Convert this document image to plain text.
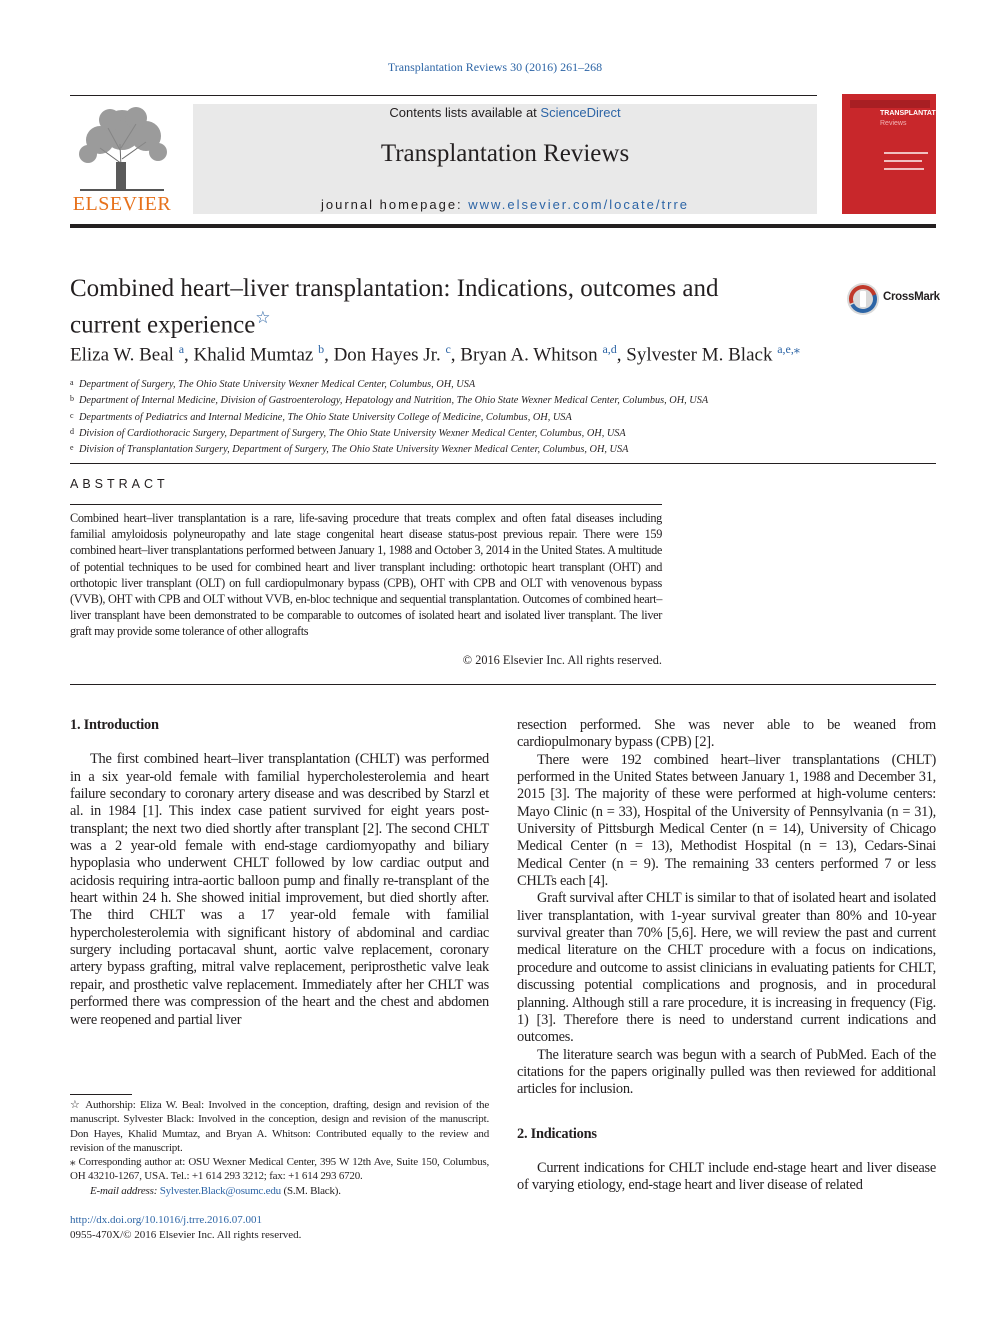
Transplantation Reviews 30 (2016) 261–268
ELSEVIER
Contents lists available at ScienceDirect
Transplantation Reviews
journal homepage: www.elsevier.com/locate/trre
TRANSPLANTATION
Reviews
Combined heart–liver transplantation: Indications, outcomes and current experience☆
CrossMark
Eliza W. Beal $^a$, Khalid Mumtaz $^b$, Don Hayes Jr. $^c$, Bryan A. Whitson $^{a,d}$, Sylvester M. Black $^{a,e,⁎}$
a Department of Surgery, The Ohio State University Wexner Medical Center, Columbus, OH, USA
b Department of Internal Medicine, Division of Gastroenterology, Hepatology and Nutrition, The Ohio State Wexner Medical Center, Columbus, OH, USA
c Departments of Pediatrics and Internal Medicine, The Ohio State University College of Medicine, Columbus, OH, USA
d Division of Cardiothoracic Surgery, Department of Surgery, The Ohio State University Wexner Medical Center, Columbus, OH, USA
e Division of Transplantation Surgery, Department of Surgery, The Ohio State University Wexner Medical Center, Columbus, OH, USA
ABSTRACT
Combined heart–liver transplantation is a rare, life-saving procedure that treats complex and often fatal diseases including familial amyloidosis polyneuropathy and late stage congenital heart disease status-post previous repair. There were 159 combined heart–liver transplantations performed between January 1, 1988 and October 3, 2014 in the United States. A multitude of potential techniques to be used for combined heart and liver transplant including: orthotopic heart transplant (OHT) and orthotopic liver transplant (OLT) on full cardiopulmonary bypass (CPB), OHT with CPB and OLT with venovenous bypass (VVB), OHT with CPB and OLT without VVB, en-bloc technique and sequential transplantation. Outcomes of combined heart–liver transplant have been demonstrated to be comparable to outcomes of isolated heart and isolated liver transplant. The liver graft may provide some tolerance of other allografts
© 2016 Elsevier Inc. All rights reserved.
1. Introduction

The first combined heart–liver transplantation (CHLT) was performed in a six year-old female with familial hypercholesterolemia and heart failure secondary to coronary artery disease and was described by Starzl et al. in 1984 [1]. This index case patient survived for eight years post-transplant; the next two died shortly after transplant [2]. The second CHLT was a 2 year-old female with end-stage cardiomyopathy and biliary hypoplasia who underwent CHLT followed by low cardiac output and acidosis requiring intra-aortic balloon pump and finally re-transplant of the heart within 24 h. She showed initial improvement, but died shortly after. The third CHLT was a 17 year-old female with familial hypercholesterolemia with significant history of abdominal and cardiac surgery including portacaval shunt, aortic valve replacement, coronary artery bypass grafting, mitral valve replacement, periprosthetic valve leak repair, and prosthetic valve replacement. Immediately after her CHLT was performed there was compression of the heart and the chest and abdomen were reopened and partial liver

resection performed. She was never able to be weaned from cardiopulmonary bypass (CPB) [2].

There were 192 combined heart–liver transplantations (CHLT) performed in the United States between January 1, 1988 and December 31, 2015 [3]. The majority of these were performed at high-volume centers: Mayo Clinic (n = 33), Hospital of the University of Pennsylvania (n = 31), University of Pittsburgh Medical Center (n = 14), University of Chicago Medical Center (n = 13), Methodist Hospital (n = 13), Cedars-Sinai Medical Center (n = 9). The remaining 33 centers performed 7 or less CHLTs each [4].

Graft survival after CHLT is similar to that of isolated heart and isolated liver transplantation, with 1-year survival greater than 80% and 10-year survival greater than 70% [5,6]. Here, we will review the past and current medical literature on the CHLT procedure with a focus on indications, procedure and outcome to assist clinicians in evaluating patients for CHLT, discussing potential complications and prognosis, and in procedural planning. Although still a rare procedure, it is increasing in frequency (Fig. 1) [3]. Therefore there is need to understand current indications and outcomes.

The literature search was begun with a search of PubMed. Each of the citations for the papers originally pulled was then reviewed for additional articles for inclusion.

2. Indications

Current indications for CHLT include end-stage heart and liver disease of varying etiology, end-stage heart and liver disease of related

☆ Authorship: Eliza W. Beal: Involved in the conception, drafting, design and revision of the manuscript. Sylvester Black: Involved in the conception, design and revision of the manuscript. Don Hayes, Khalid Mumtaz, and Bryan A. Whitson: Contributed equally to the review and revision of the manuscript.

⁎ Corresponding author at: OSU Wexner Medical Center, 395 W 12th Ave, Suite 150, Columbus, OH 43210-1267, USA. Tel.: +1 614 293 3212; fax: +1 614 293 6720.

E-mail address: Sylvester.Black@osumc.edu (S.M. Black).

http://dx.doi.org/10.1016/j.trre.2016.07.001
0955-470X/© 2016 Elsevier Inc. All rights reserved.
